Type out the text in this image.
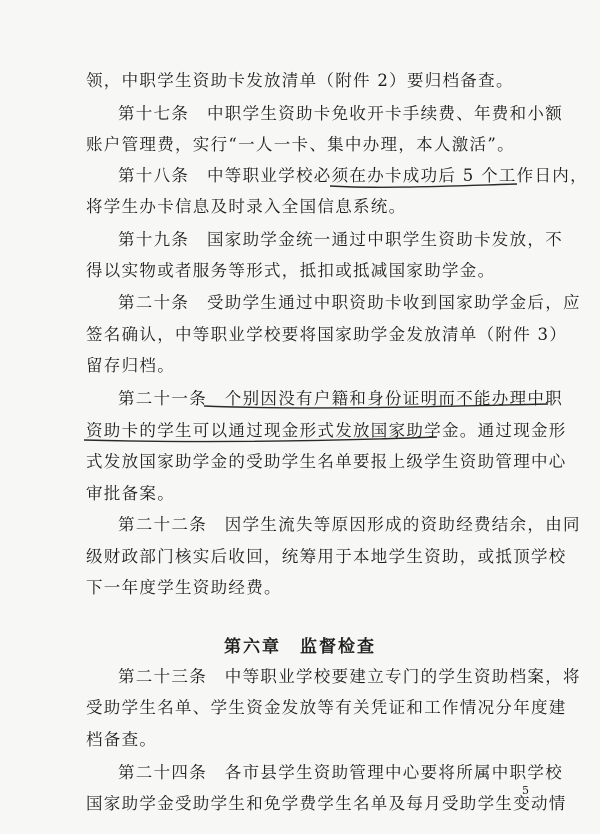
领，中职学生资助卡发放清单（附件 2）要归档备查。
第十七条　中职学生资助卡免收开卡手续费、年费和小额
账户管理费，实行“一人一卡、集中办理，本人激活”。
第十八条　中等职业学校必须在办卡成功后 5 个工作日内，
将学生办卡信息及时录入全国信息系统。
第十九条　国家助学金统一通过中职学生资助卡发放，不
得以实物或者服务等形式，抵扣或抵减国家助学金。
第二十条　受助学生通过中职资助卡收到国家助学金后，应
签名确认，中等职业学校要将国家助学金发放清单（附件 3）
留存归档。
第二十一条　个别因没有户籍和身份证明而不能办理中职
资助卡的学生可以通过现金形式发放国家助学金。通过现金形
式发放国家助学金的受助学生名单要报上级学生资助管理中心
审批备案。
第二十二条　因学生流失等原因形成的资助经费结余，由同
级财政部门核实后收回，统筹用于本地学生资助，或抵顶学校
下一年度学生资助经费。
第六章　监督检查
第二十三条　中等职业学校要建立专门的学生资助档案，将
受助学生名单、学生资金发放等有关凭证和工作情况分年度建
档备查。
第二十四条　各市县学生资助管理中心要将所属中职学校
国家助学金受助学生和免学费学生名单及每月受助学生变动情
5
